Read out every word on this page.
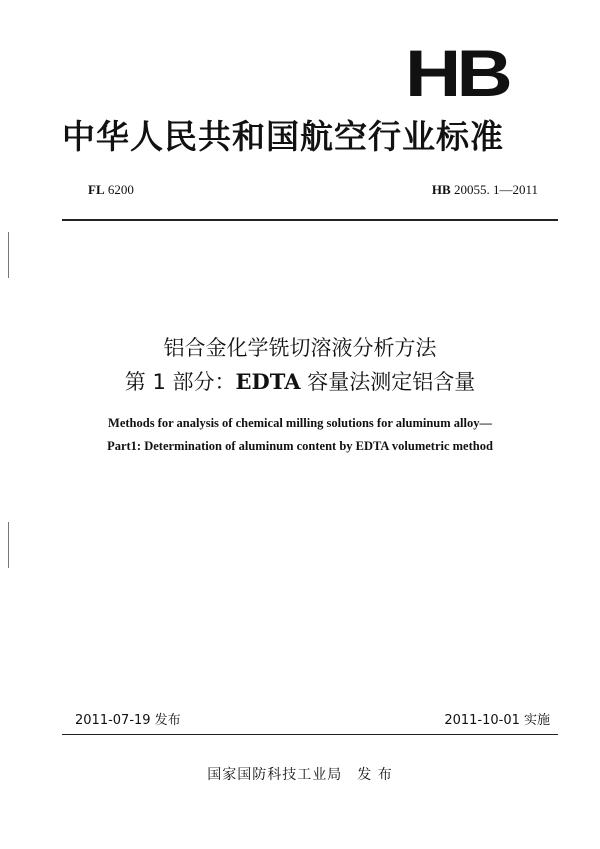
HB
中华人民共和国航空行业标准
FL 6200	HB 20055. 1—2011
铝合金化学铣切溶液分析方法
第 1 部分：EDTA 容量法测定铝含量
Methods for analysis of chemical milling solutions for aluminum alloy—
Part1: Determination of aluminum content by EDTA volumetric method
2011-07-19 发布	2011-10-01 实施
国家国防科技工业局　发 布
